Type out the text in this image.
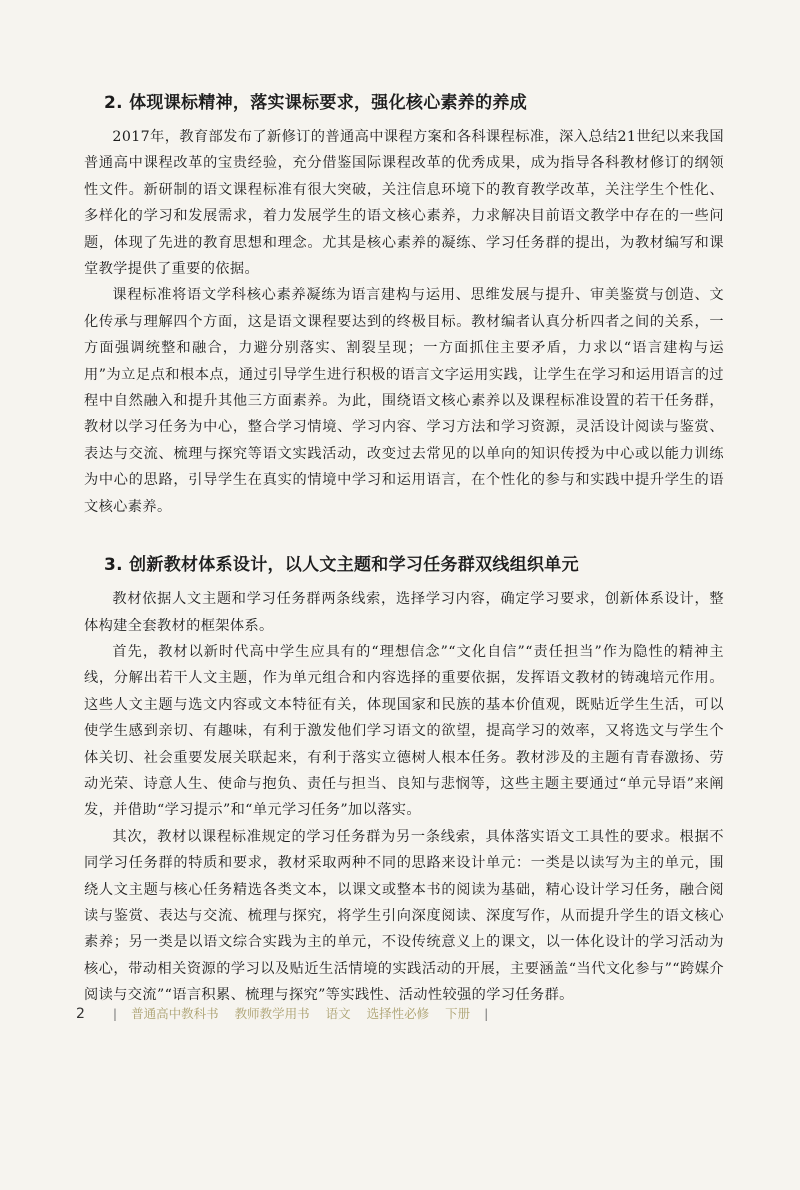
2. 体现课标精神，落实课标要求，强化核心素养的养成

2017年，教育部发布了新修订的普通高中课程方案和各科课程标准，深入总结21世纪以来我国普通高中课程改革的宝贵经验，充分借鉴国际课程改革的优秀成果，成为指导各科教材修订的纲领性文件。新研制的语文课程标准有很大突破，关注信息环境下的教育教学改革，关注学生个性化、多样化的学习和发展需求，着力发展学生的语文核心素养，力求解决目前语文教学中存在的一些问题，体现了先进的教育思想和理念。尤其是核心素养的凝练、学习任务群的提出，为教材编写和课堂教学提供了重要的依据。

课程标准将语文学科核心素养凝练为语言建构与运用、思维发展与提升、审美鉴赏与创造、文化传承与理解四个方面，这是语文课程要达到的终极目标。教材编者认真分析四者之间的关系，一方面强调统整和融合，力避分别落实、割裂呈现；一方面抓住主要矛盾，力求以“语言建构与运用”为立足点和根本点，通过引导学生进行积极的语言文字运用实践，让学生在学习和运用语言的过程中自然融入和提升其他三方面素养。为此，围绕语文核心素养以及课程标准设置的若干任务群，教材以学习任务为中心，整合学习情境、学习内容、学习方法和学习资源，灵活设计阅读与鉴赏、表达与交流、梳理与探究等语文实践活动，改变过去常见的以单向的知识传授为中心或以能力训练为中心的思路，引导学生在真实的情境中学习和运用语言，在个性化的参与和实践中提升学生的语文核心素养。

3. 创新教材体系设计，以人文主题和学习任务群双线组织单元

教材依据人文主题和学习任务群两条线索，选择学习内容，确定学习要求，创新体系设计，整体构建全套教材的框架体系。

首先，教材以新时代高中学生应具有的“理想信念”“文化自信”“责任担当”作为隐性的精神主线，分解出若干人文主题，作为单元组合和内容选择的重要依据，发挥语文教材的铸魂培元作用。这些人文主题与选文内容或文本特征有关，体现国家和民族的基本价值观，既贴近学生生活，可以使学生感到亲切、有趣味，有利于激发他们学习语文的欲望，提高学习的效率，又将选文与学生个体关切、社会重要发展关联起来，有利于落实立德树人根本任务。教材涉及的主题有青春激扬、劳动光荣、诗意人生、使命与抱负、责任与担当、良知与悲悯等，这些主题主要通过“单元导语”来阐发，并借助“学习提示”和“单元学习任务”加以落实。

其次，教材以课程标准规定的学习任务群为另一条线索，具体落实语文工具性的要求。根据不同学习任务群的特质和要求，教材采取两种不同的思路来设计单元：一类是以读写为主的单元，围绕人文主题与核心任务精选各类文本，以课文或整本书的阅读为基础，精心设计学习任务，融合阅读与鉴赏、表达与交流、梳理与探究，将学生引向深度阅读、深度写作，从而提升学生的语文核心素养；另一类是以语文综合实践为主的单元，不设传统意义上的课文，以一体化设计的学习活动为核心，带动相关资源的学习以及贴近生活情境的实践活动的开展，主要涵盖“当代文化参与”“跨媒介阅读与交流”“语言积累、梳理与探究”等实践性、活动性较强的学习任务群。

2 | 普通高中教科书 教师教学用书 语文 选择性必修 下册 |
